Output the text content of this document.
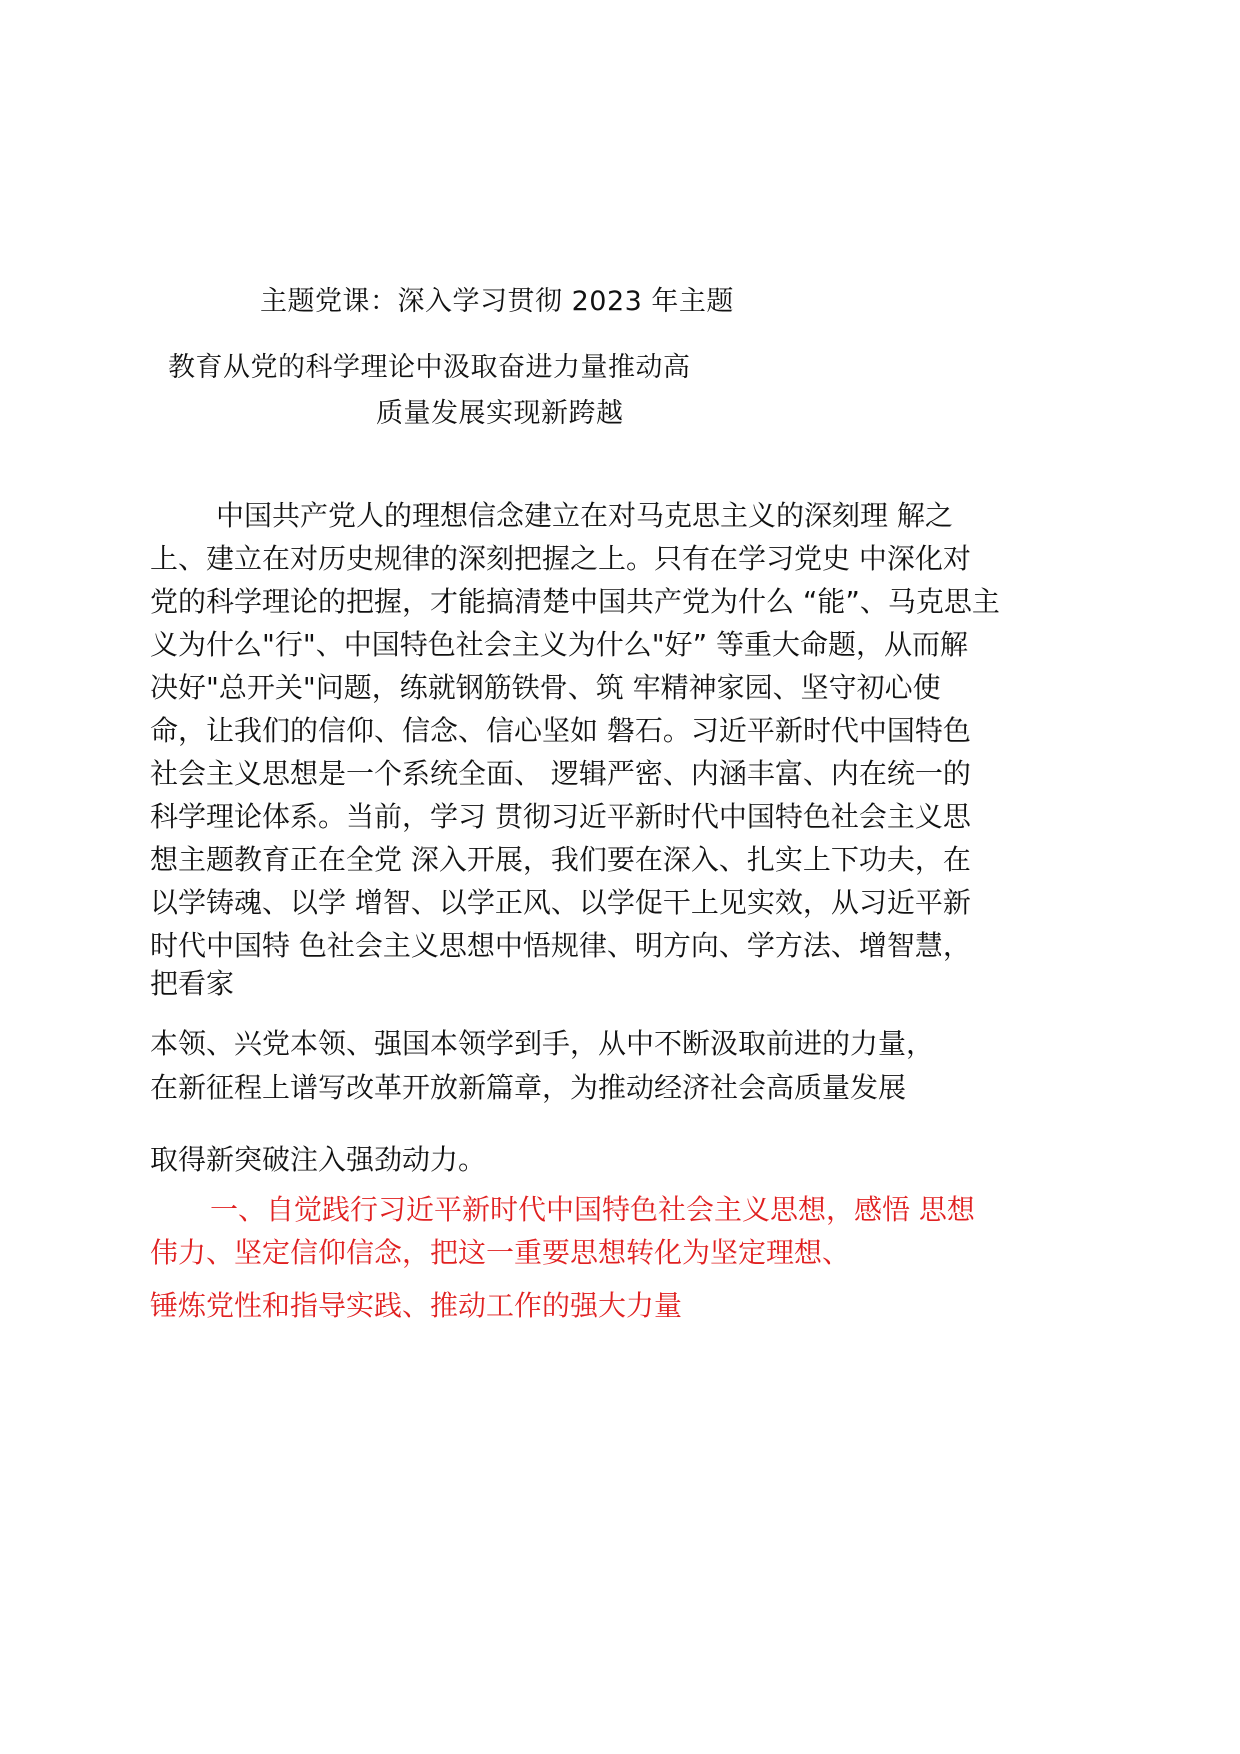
主题党课：深入学习贯彻 2023 年主题
教育从党的科学理论中汲取奋进力量推动高
质量发展实现新跨越
中国共产党人的理想信念建立在对马克思主义的深刻理 解之
上、建立在对历史规律的深刻把握之上。只有在学习党史 中深化对
党的科学理论的把握，才能搞清楚中国共产党为什么 “能”、马克思主
义为什么"行"、中国特色社会主义为什么"好” 等重大命题，从而解
决好"总开关"问题，练就钢筋铁骨、筑 牢精神家园、坚守初心使
命，让我们的信仰、信念、信心坚如 磐石。习近平新时代中国特色
社会主义思想是一个系统全面、 逻辑严密、内涵丰富、内在统一的
科学理论体系。当前，学习 贯彻习近平新时代中国特色社会主义思
想主题教育正在全党 深入开展，我们要在深入、扎实上下功夫，在
以学铸魂、以学 增智、以学正风、以学促干上见实效，从习近平新
时代中国特 色社会主义思想中悟规律、明方向、学方法、增智慧，
把看家
本领、兴党本领、强国本领学到手，从中不断汲取前进的力量，
在新征程上谱写改革开放新篇章，为推动经济社会高质量发展
取得新突破注入强劲动力。
一、自觉践行习近平新时代中国特色社会主义思想，感悟 思想
伟力、坚定信仰信念，把这一重要思想转化为坚定理想、
锤炼党性和指导实践、推动工作的强大力量
